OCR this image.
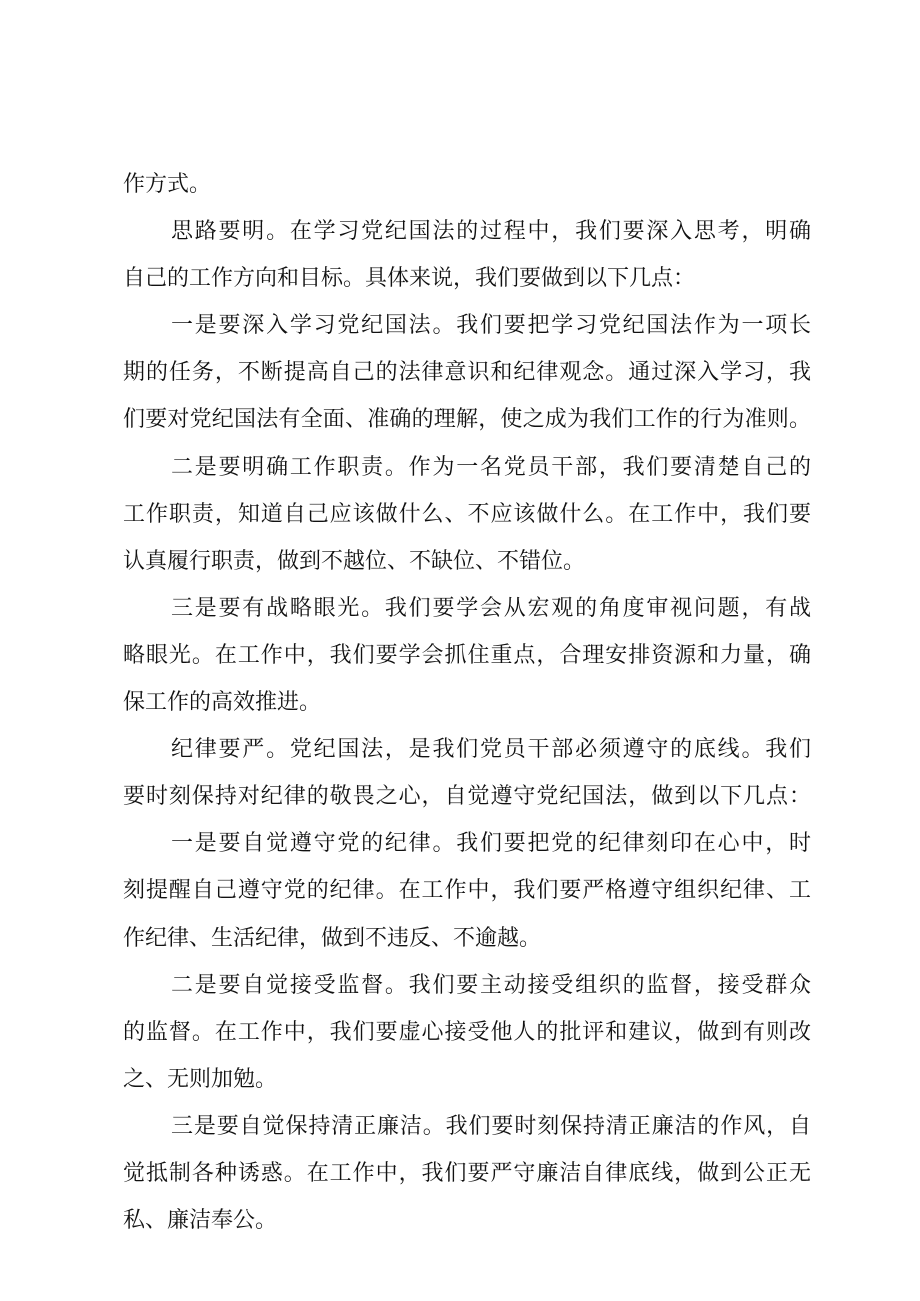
作方式。
思路要明。在学习党纪国法的过程中，我们要深入思考，明确
自己的工作方向和目标。具体来说，我们要做到以下几点：
一是要深入学习党纪国法。我们要把学习党纪国法作为一项长
期的任务，不断提高自己的法律意识和纪律观念。通过深入学习，我
们要对党纪国法有全面、准确的理解，使之成为我们工作的行为准则。
二是要明确工作职责。作为一名党员干部，我们要清楚自己的
工作职责，知道自己应该做什么、不应该做什么。在工作中，我们要
认真履行职责，做到不越位、不缺位、不错位。
三是要有战略眼光。我们要学会从宏观的角度审视问题，有战
略眼光。在工作中，我们要学会抓住重点，合理安排资源和力量，确
保工作的高效推进。
纪律要严。党纪国法，是我们党员干部必须遵守的底线。我们
要时刻保持对纪律的敬畏之心，自觉遵守党纪国法，做到以下几点：
一是要自觉遵守党的纪律。我们要把党的纪律刻印在心中，时
刻提醒自己遵守党的纪律。在工作中，我们要严格遵守组织纪律、工
作纪律、生活纪律，做到不违反、不逾越。
二是要自觉接受监督。我们要主动接受组织的监督，接受群众
的监督。在工作中，我们要虚心接受他人的批评和建议，做到有则改
之、无则加勉。
三是要自觉保持清正廉洁。我们要时刻保持清正廉洁的作风，自
觉抵制各种诱惑。在工作中，我们要严守廉洁自律底线，做到公正无
私、廉洁奉公。
